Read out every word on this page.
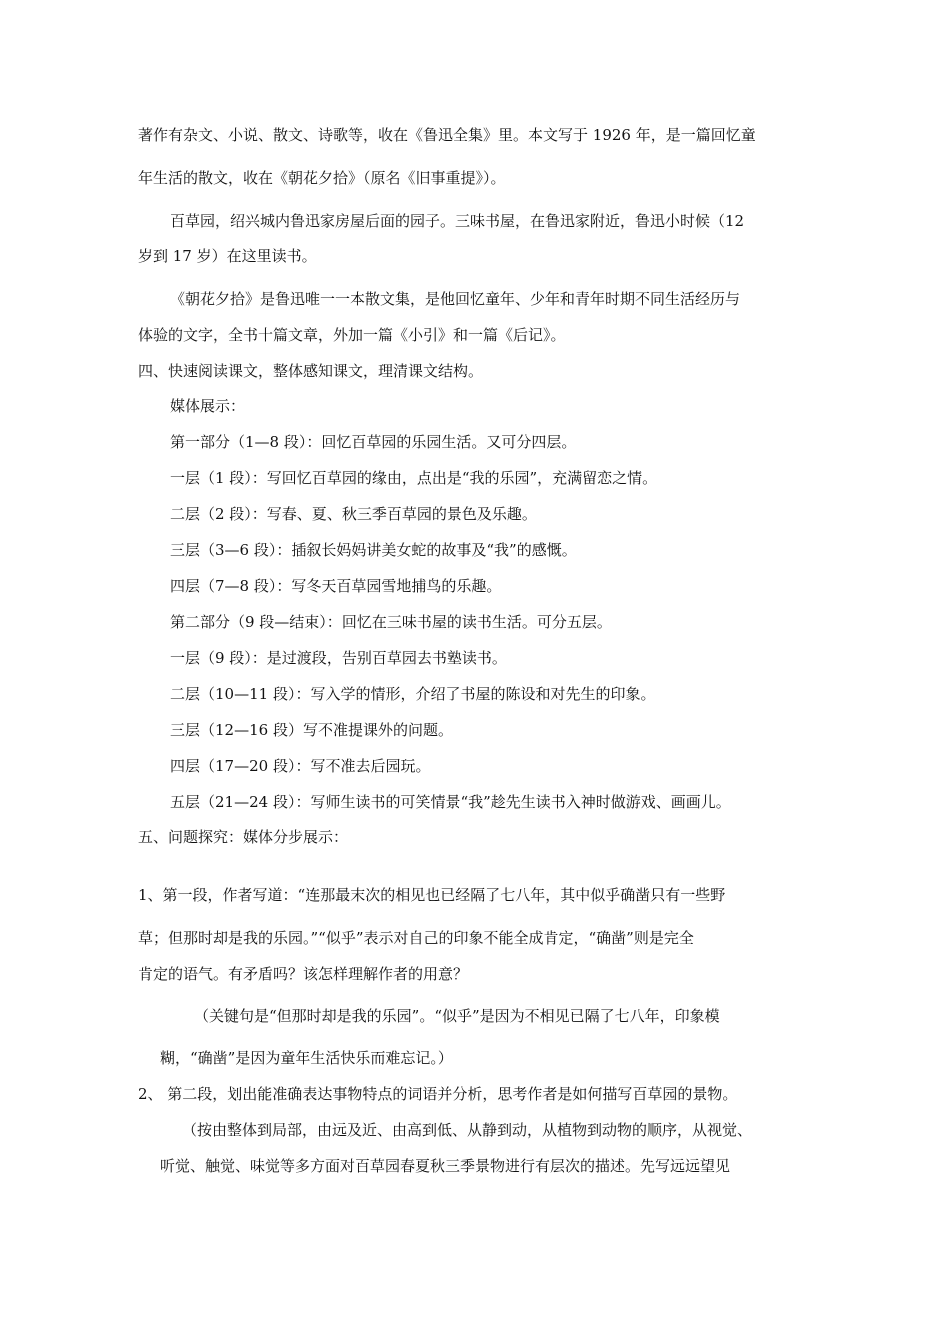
著作有杂文、小说、散文、诗歌等，收在《鲁迅全集》里。本文写于 1926 年，是一篇回忆童

年生活的散文，收在《朝花夕拾》（原名《旧事重提》）。

百草园，绍兴城内鲁迅家房屋后面的园子。三味书屋，在鲁迅家附近，鲁迅小时候（12

岁到 17 岁）在这里读书。

《朝花夕拾》是鲁迅唯一一本散文集，是他回忆童年、少年和青年时期不同生活经历与

体验的文字，全书十篇文章，外加一篇《小引》和一篇《后记》。

四、快速阅读课文，整体感知课文，理清课文结构。

媒体展示：

第一部分（1—8 段）：回忆百草园的乐园生活。又可分四层。

一层（1 段）：写回忆百草园的缘由，点出是“我的乐园”，充满留恋之情。

二层（2 段）：写春、夏、秋三季百草园的景色及乐趣。

三层（3—6 段）：插叙长妈妈讲美女蛇的故事及“我”的感慨。

四层（7—8 段）：写冬天百草园雪地捕鸟的乐趣。

第二部分（9 段—结束）：回忆在三味书屋的读书生活。可分五层。

一层（9 段）：是过渡段，告别百草园去书塾读书。

二层（10—11 段）：写入学的情形，介绍了书屋的陈设和对先生的印象。

三层（12—16 段）写不准提课外的问题。

四层（17—20 段）：写不准去后园玩。

五层（21—24 段）：写师生读书的可笑情景“我”趁先生读书入神时做游戏、画画儿。

五、问题探究：媒体分步展示：

1、第一段，作者写道：“连那最末次的相见也已经隔了七八年，其中似乎确凿只有一些野

草；但那时却是我的乐园。”“似乎”表示对自己的印象不能全成肯定，“确凿”则是完全

肯定的语气。有矛盾吗？该怎样理解作者的用意？

（关键句是“但那时却是我的乐园”。“似乎”是因为不相见已隔了七八年，印象模

糊，“确凿”是因为童年生活快乐而难忘记。）

2、 第二段，划出能准确表达事物特点的词语并分析，思考作者是如何描写百草园的景物。

（按由整体到局部，由远及近、由高到低、从静到动，从植物到动物的顺序，从视觉、

听觉、触觉、味觉等多方面对百草园春夏秋三季景物进行有层次的描述。先写远远望见
